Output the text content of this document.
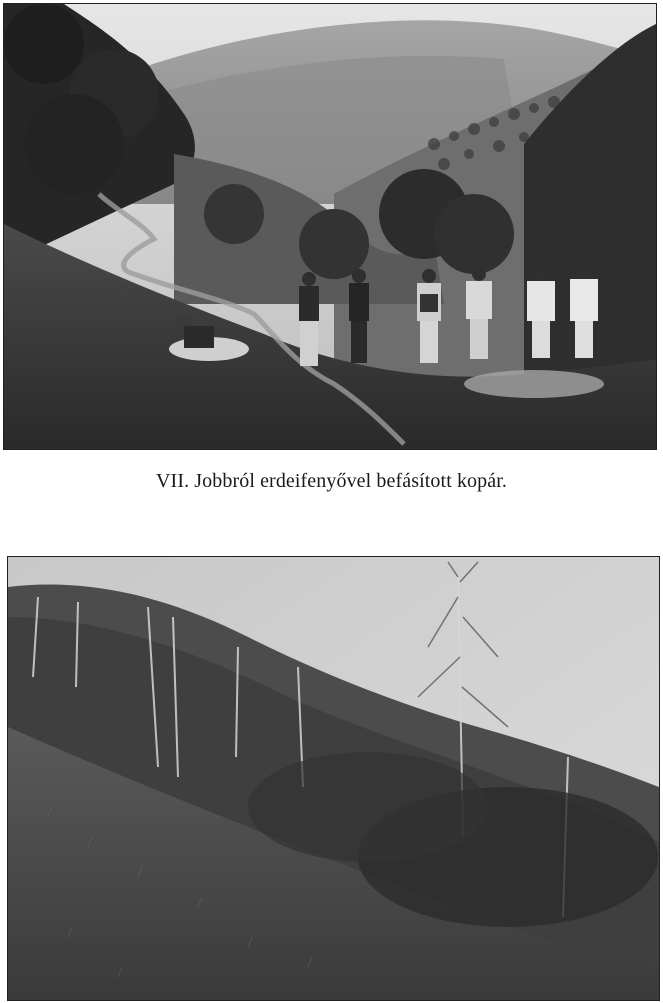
VII. Jobbról erdeifenyővel befásított kopár.
